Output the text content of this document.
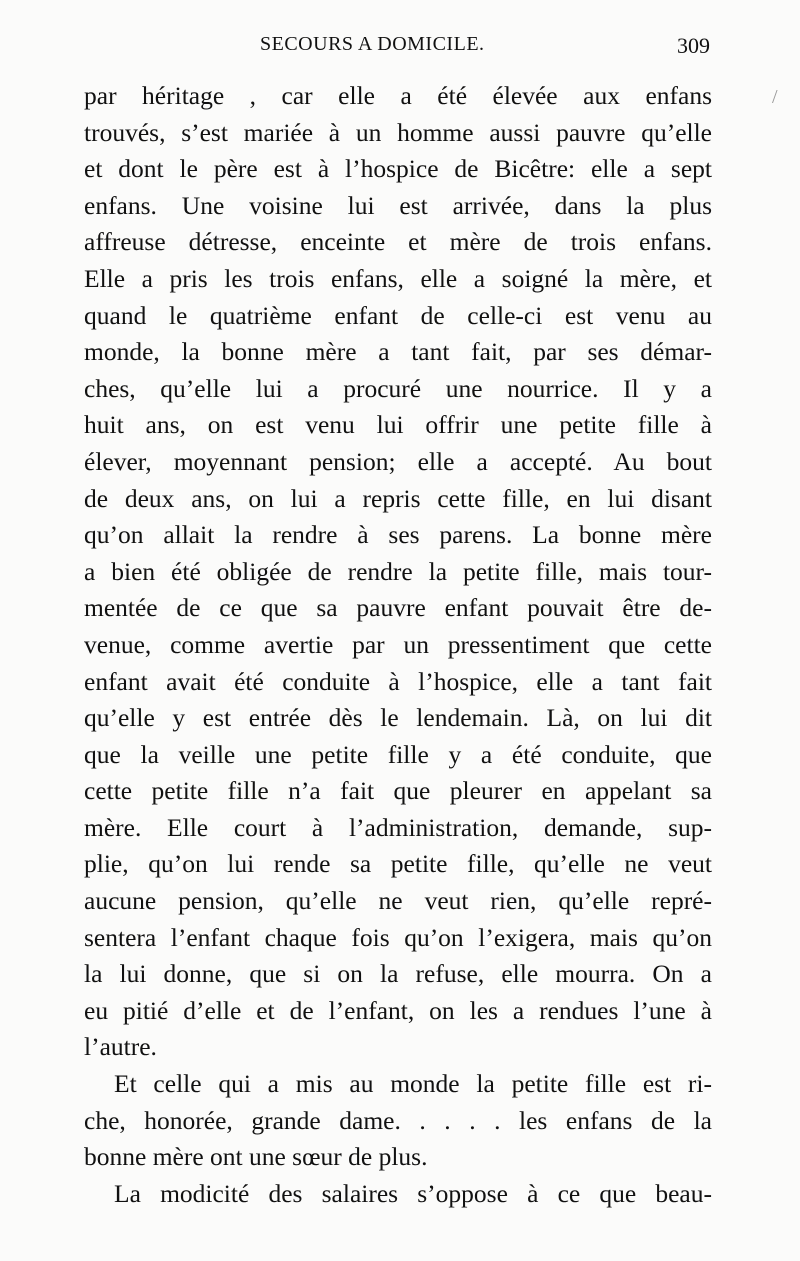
SECOURS A DOMICILE.	309
par héritage , car elle a été élevée aux enfans
trouvés, s’est mariée à un homme aussi pauvre qu’elle
et dont le père est à l’hospice de Bicêtre: elle a sept
enfans. Une voisine lui est arrivée, dans la plus
affreuse détresse, enceinte et mère de trois enfans.
Elle a pris les trois enfans, elle a soigné la mère, et
quand le quatrième enfant de celle-ci est venu au
monde, la bonne mère a tant fait, par ses démar-
ches, qu’elle lui a procuré une nourrice. Il y a
huit ans, on est venu lui offrir une petite fille à
élever, moyennant pension; elle a accepté. Au bout
de deux ans, on lui a repris cette fille, en lui disant
qu’on allait la rendre à ses parens. La bonne mère
a bien été obligée de rendre la petite fille, mais tour-
mentée de ce que sa pauvre enfant pouvait être de-
venue, comme avertie par un pressentiment que cette
enfant avait été conduite à l’hospice, elle a tant fait
qu’elle y est entrée dès le lendemain. Là, on lui dit
que la veille une petite fille y a été conduite, que
cette petite fille n’a fait que pleurer en appelant sa
mère. Elle court à l’administration, demande, sup-
plie, qu’on lui rende sa petite fille, qu’elle ne veut
aucune pension, qu’elle ne veut rien, qu’elle repré-
sentera l’enfant chaque fois qu’on l’exigera, mais qu’on
la lui donne, que si on la refuse, elle mourra. On a
eu pitié d’elle et de l’enfant, on les a rendues l’une à
l’autre.
Et celle qui a mis au monde la petite fille est ri-
che, honorée, grande dame. . . . . les enfans de la
bonne mère ont une sœur de plus.
La modicité des salaires s’oppose à ce que beau-
/
